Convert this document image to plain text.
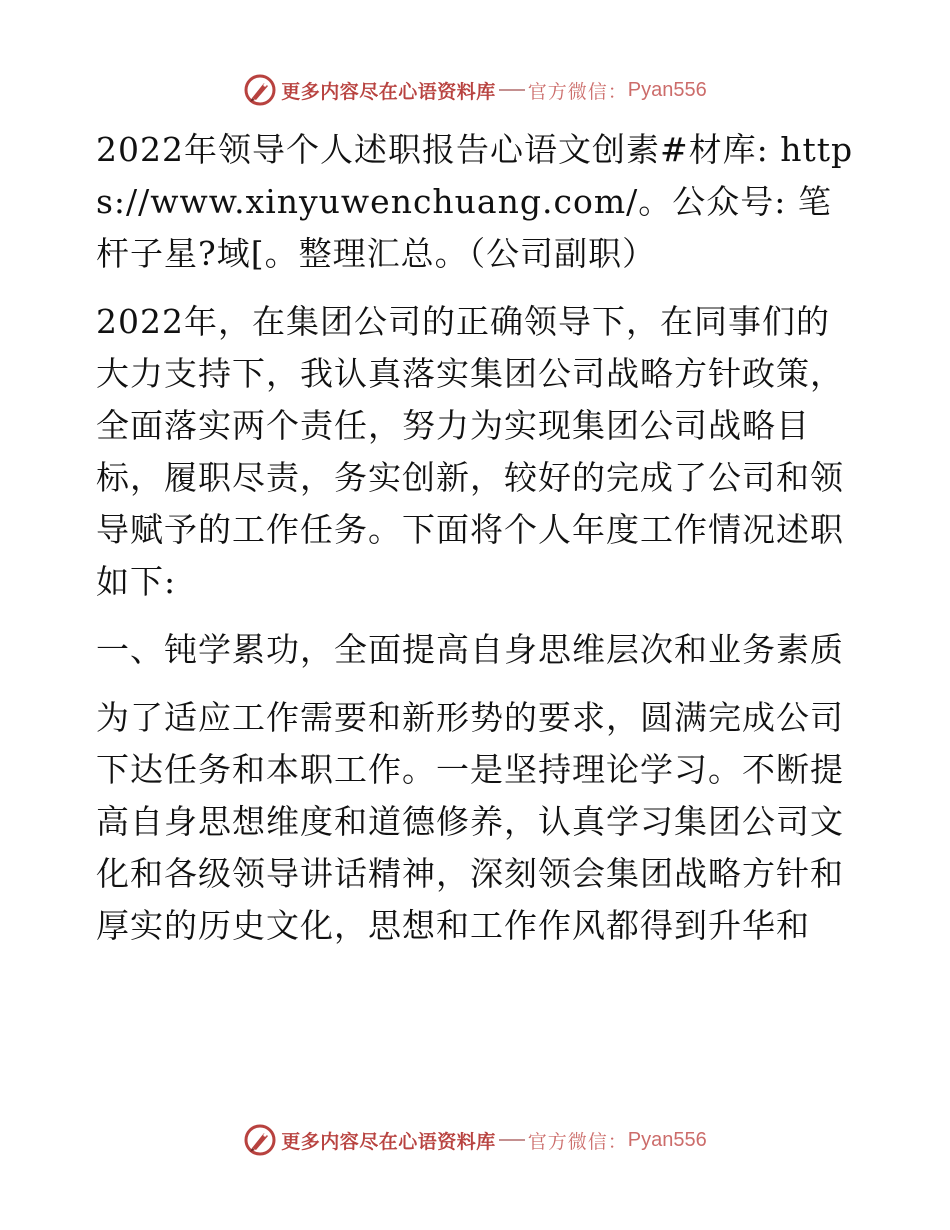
更多内容尽在心语资料库 官方微信： Pyan556

2022年领导个人述职报告心语文创素#材库: https://www.xinyuwenchuang.com/。公众号: 笔杆子星?域[。整理汇总。（公司副职）

2022年，在集团公司的正确领导下，在同事们的大力支持下，我认真落实集团公司战略方针政策，全面落实两个责任，努力为实现集团公司战略目标，履职尽责，务实创新，较好的完成了公司和领导赋予的工作任务。下面将个人年度工作情况述职如下:

一、钝学累功，全面提高自身思维层次和业务素质

为了适应工作需要和新形势的要求，圆满完成公司下达任务和本职工作。一是坚持理论学习。不断提高自身思想维度和道德修养，认真学习集团公司文化和各级领导讲话精神，深刻领会集团战略方针和厚实的历史文化，思想和工作作风都得到升华和

更多内容尽在心语资料库 官方微信： Pyan556
